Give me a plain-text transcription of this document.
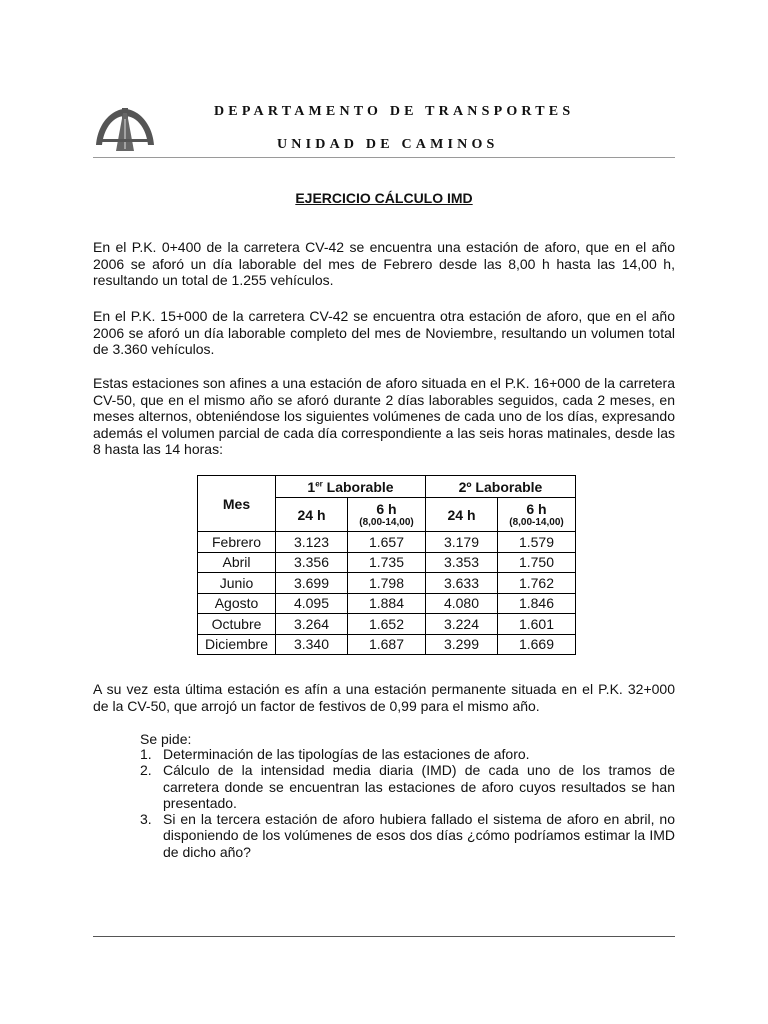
DEPARTAMENTO DE TRANSPORTES
UNIDAD DE CAMINOS
EJERCICIO CÁLCULO IMD

En el P.K. 0+400 de la carretera CV-42 se encuentra una estación de aforo, que en el año 2006 se aforó un día laborable del mes de Febrero desde las 8,00 h hasta las 14,00 h, resultando un total de 1.255 vehículos.

En el P.K. 15+000 de la carretera CV-42 se encuentra otra estación de aforo, que en el año 2006 se aforó un día laborable completo del mes de Noviembre, resultando un volumen total de 3.360 vehículos.

Estas estaciones son afines a una estación de aforo situada en el P.K. 16+000 de la carretera CV-50, que en el mismo año se aforó durante 2 días laborables seguidos, cada 2 meses, en meses alternos, obteniéndose los siguientes volúmenes de cada uno de los días, expresando además el volumen parcial de cada día correspondiente a las seis horas matinales, desde las 8 hasta las 14 horas:

Mes	1er Laborable		2º Laborable	
	24 h	6 h
(8,00-14,00)	24 h	6 h
(8,00-14,00)

Febrero	3.123	1.657	3.179	1.579
Abril	3.356	1.735	3.353	1.750
Junio	3.699	1.798	3.633	1.762
Agosto	4.095	1.884	4.080	1.846
Octubre	3.264	1.652	3.224	1.601
Diciembre	3.340	1.687	3.299	1.669

A su vez esta última estación es afín a una estación permanente situada en el P.K. 32+000 de la CV-50, que arrojó un factor de festivos de 0,99 para el mismo año.

Se pide:
1. Determinación de las tipologías de las estaciones de aforo.
2. Cálculo de la intensidad media diaria (IMD) de cada uno de los tramos de carretera donde se encuentran las estaciones de aforo cuyos resultados se han presentado.
3. Si en la tercera estación de aforo hubiera fallado el sistema de aforo en abril, no disponiendo de los volúmenes de esos dos días ¿cómo podríamos estimar la IMD de dicho año?
